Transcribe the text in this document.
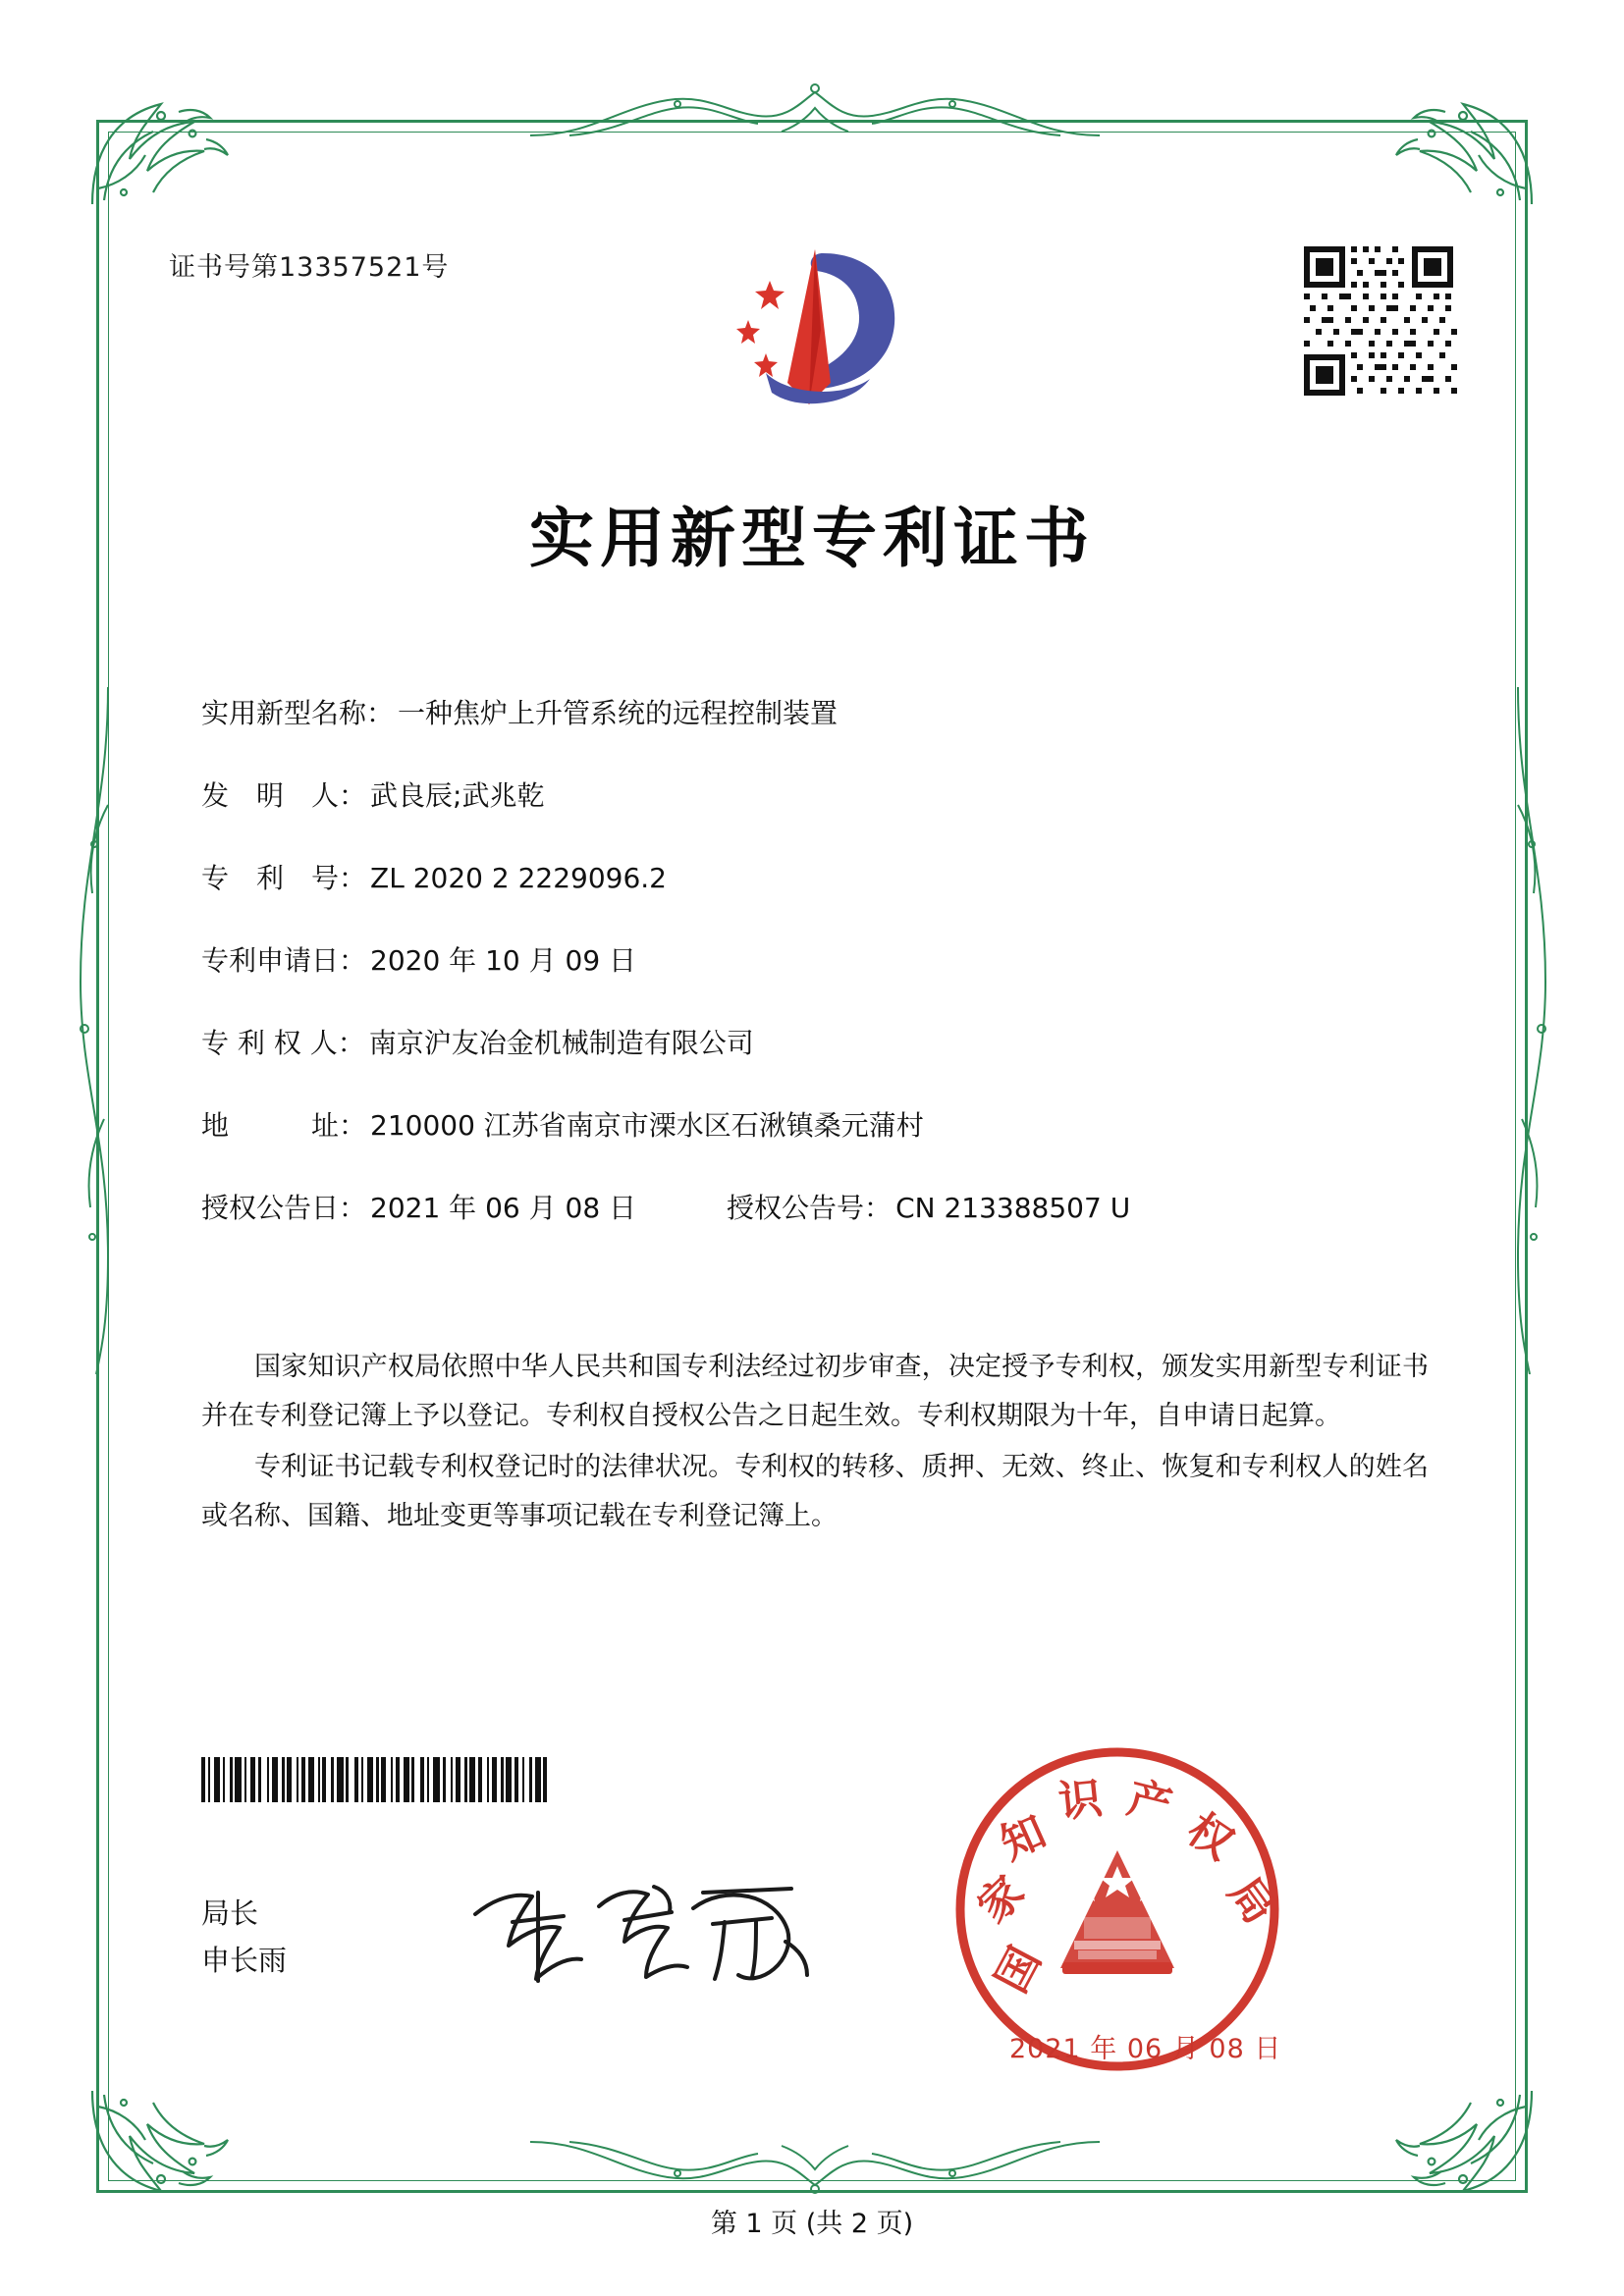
证书号第13357521号
实用新型专利证书
实用新型名称： 一种焦炉上升管系统的远程控制装置
发　明　人： 武良辰;武兆乾
专　利　号： ZL 2020 2 2229096.2
专利申请日： 2020 年 10 月 09 日
专 利 权 人： 南京沪友冶金机械制造有限公司
地　　　址： 210000 江苏省南京市溧水区石湫镇桑元蒲村
授权公告日： 2021 年 06 月 08 日	授权公告号： CN 213388507 U

国家知识产权局依照中华人民共和国专利法经过初步审查，决定授予专利权，颁发实用新型专利证书并在专利登记簿上予以登记。专利权自授权公告之日起生效。专利权期限为十年，自申请日起算。

专利证书记载专利权登记时的法律状况。专利权的转移、质押、无效、终止、恢复和专利权人的姓名或名称、国籍、地址变更等事项记载在专利登记簿上。

局长
申长雨	国
家
知
识 产
权
局
2021 年 06 月 08 日
第 1 页 (共 2 页)
